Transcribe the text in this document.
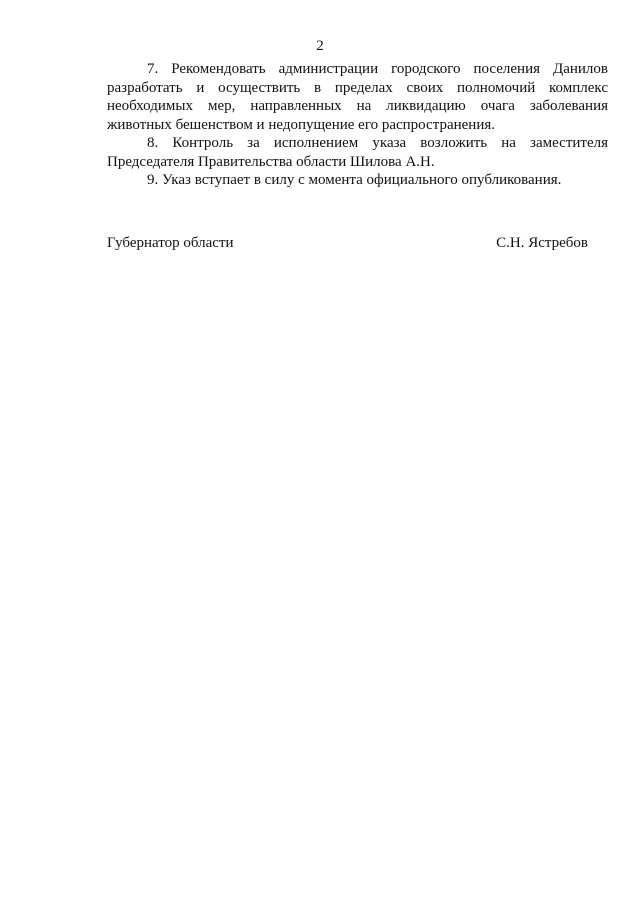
2

7. Рекомендовать администрации городского поселения Данилов разработать и осуществить в пределах своих полномочий комплекс необходимых мер, направленных на ликвидацию очага заболевания животных бешенством и недопущение его распространения.

8. Контроль за исполнением указа возложить на заместителя Председателя Правительства области Шилова А.Н.

9. Указ вступает в силу с момента официального опубликования.

Губернатор области	С.Н. Ястребов
